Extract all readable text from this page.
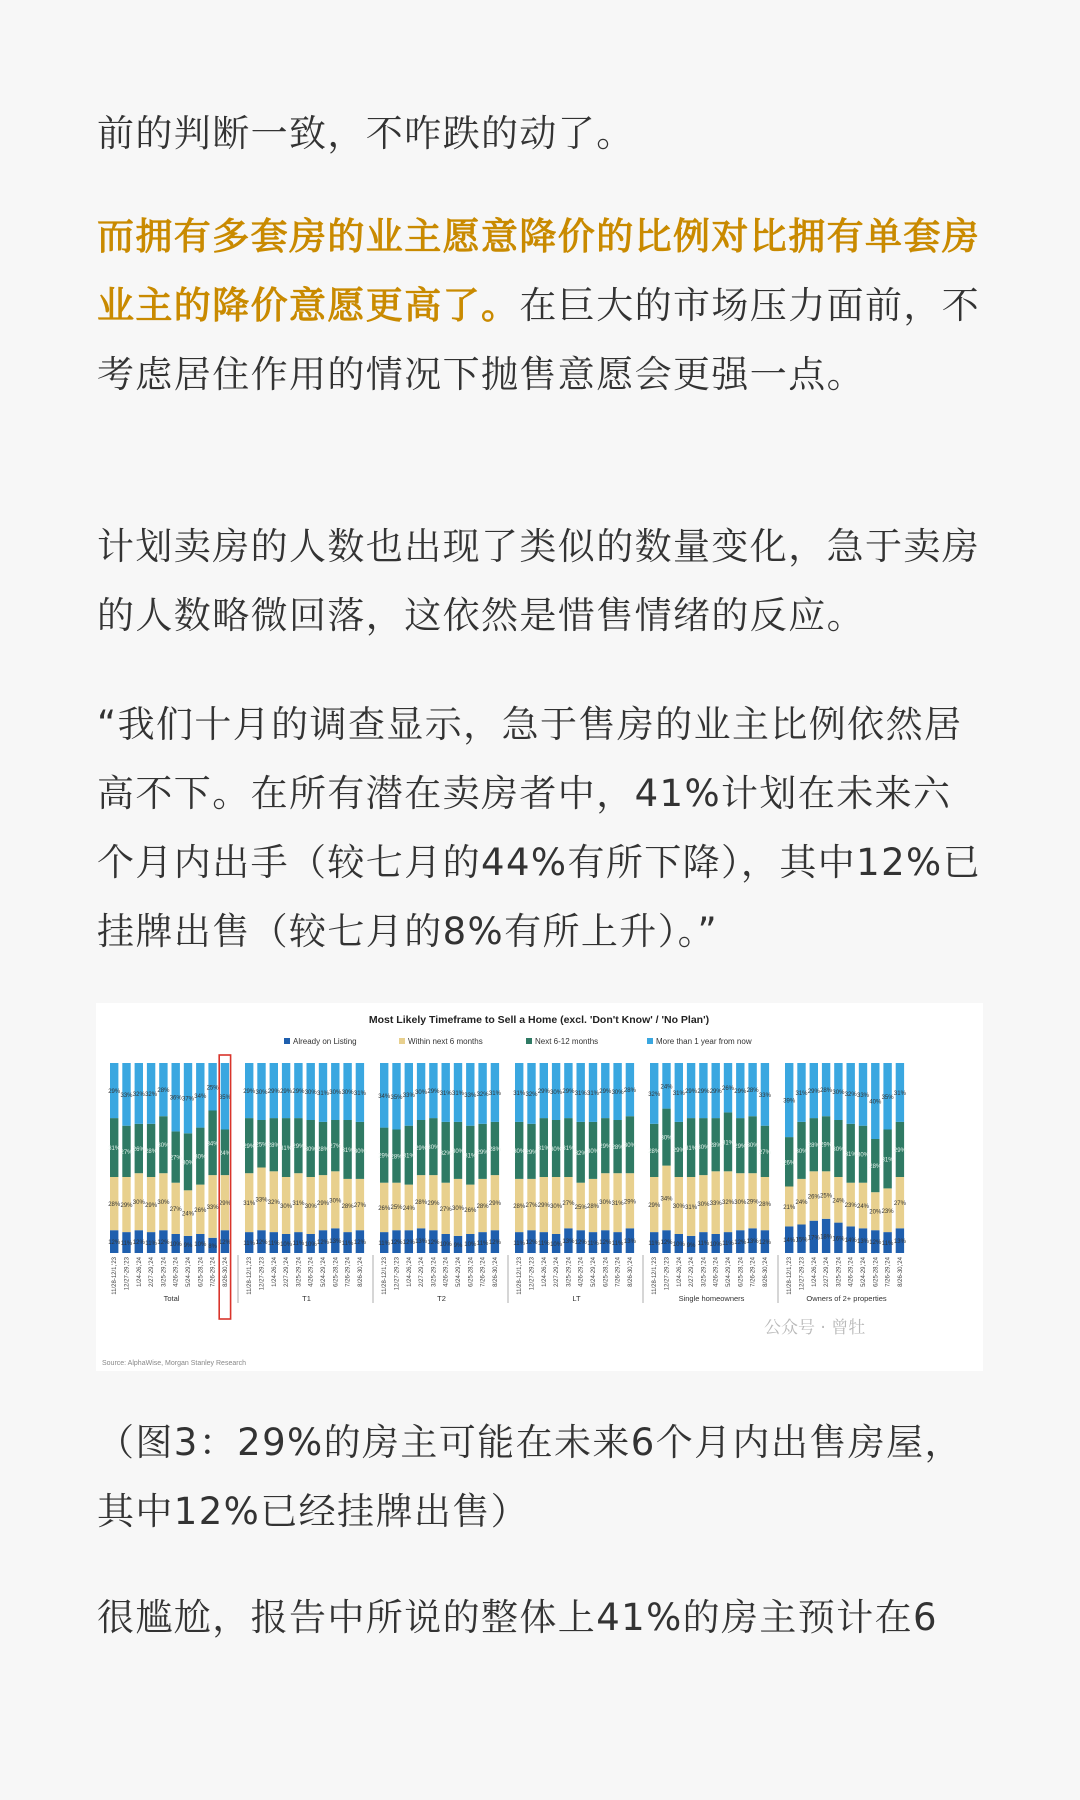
前的判断一致，不咋跌的动了。

而拥有多套房的业主愿意降价的比例对比拥有单套房业主的降价意愿更高了。在巨大的市场压力面前，不考虑居住作用的情况下抛售意愿会更强一点。

计划卖房的人数也出现了类似的数量变化，急于卖房的人数略微回落，这依然是惜售情绪的反应。

“我们十月的调查显示，急于售房的业主比例依然居高不下。在所有潜在卖房者中，41%计划在未来六个月内出手（较七月的44%有所下降），其中12%已挂牌出售（较七月的8%有所上升）。”

Most Likely Timeframe to Sell a Home (excl. 'Don't Know' / 'No Plan')
Already on Listing	Within next 6 months	Next 6-12 months	More than 1 year from now
12%
28%
31%
29%
11%
29%
27%
33%
12%
30%
26%
32%
11%
29%
28%
32%
12%
30%
30%
28%
10%
27%
27%
36%
9%
24%
30%
37%
10%
26%
30%
34%
8%
33%
34%
25%
12%
29%
24%
35%
11%
31%
29%
29%
12%
33%
25%
30%
11%
32%
28%
29%
10%
30%
31%
29%
11%
31%
29%
29%
10%
30%
30%
30%
12%
29%
28%
31%
13%
30%
27%
30%
11%
28%
31%
30%
12%
27%
30%
31%
11%
26%
29%
34%
12%
25%
28%
35%
12%
24%
31%
33%
13%
28%
29%
30%
12%
29%
30%
29%
10%
27%
32%
31%
9%
30%
30%
31%
10%
26%
31%
33%
11%
28%
29%
32%
12%
29%
28%
31%
11%
28%
30%
31%
12%
27%
29%
32%
11%
29%
31%
29%
10%
30%
30%
30%
13%
27%
31%
29%
12%
25%
32%
31%
11%
28%
30%
31%
12%
30%
29%
29%
11%
31%
28%
30%
13%
29%
30%
28%
11%
29%
28%
32%
12%
34%
30%
24%
10%
30%
29%
31%
9%
31%
31%
29%
11%
30%
30%
29%
10%
33%
28%
29%
11%
32%
31%
26%
12%
30%
29%
29%
13%
29%
30%
28%
12%
28%
27%
33%
14%
21%
26%
39%
15%
24%
30%
31%
17%
26%
28%
29%
18%
25%
29%
28%
16%
24%
30%
30%
14%
23%
31%
32%
13%
24%
30%
33%
12%
20%
28%
40%
11%
23%
31%
35%
13%
27%
29%
31%
11/28-12/1,'23 12/27-29,'23 1/24-26,'24 2/27-29,'24 3/25-29,'24 4/26-29,'24 5/24-29,'24 6/25-28,'24 7/26-29,'24 8/26-30,'24	11/28-12/1,'23 12/27-29,'23 1/24-26,'24 2/27-29,'24 3/25-29,'24 4/26-29,'24 5/24-29,'24 6/25-28,'24 7/26-29,'24 8/26-30,'24	11/28-12/1,'23 12/27-29,'23 1/24-26,'24 2/27-29,'24 3/25-29,'24 4/26-29,'24 5/24-29,'24 6/25-28,'24 7/26-29,'24 8/26-30,'24	11/28-12/1,'23 12/27-29,'23 1/24-26,'24 2/27-29,'24 3/25-29,'24 4/26-29,'24 5/24-29,'24 6/25-28,'24 7/26-29,'24 8/26-30,'24	11/28-12/1,'23 12/27-29,'23 1/24-26,'24 2/27-29,'24 3/25-29,'24 4/26-29,'24 5/24-29,'24 6/25-28,'24 7/26-29,'24 8/26-30,'24	11/28-12/1,'23 12/27-29,'23 1/24-26,'24 2/27-29,'24 3/25-29,'24 4/26-29,'24 5/24-29,'24 6/25-28,'24 7/26-29,'24 8/26-30,'24
Total	T1	T2	LT	Single homeowners	Owners of 2+ properties
Source: AlphaWise, Morgan Stanley Research
公众号 · 曾牡

（图3：29%的房主可能在未来6个月内出售房屋，其中12%已经挂牌出售）

很尴尬，报告中所说的整体上41%的房主预计在6
